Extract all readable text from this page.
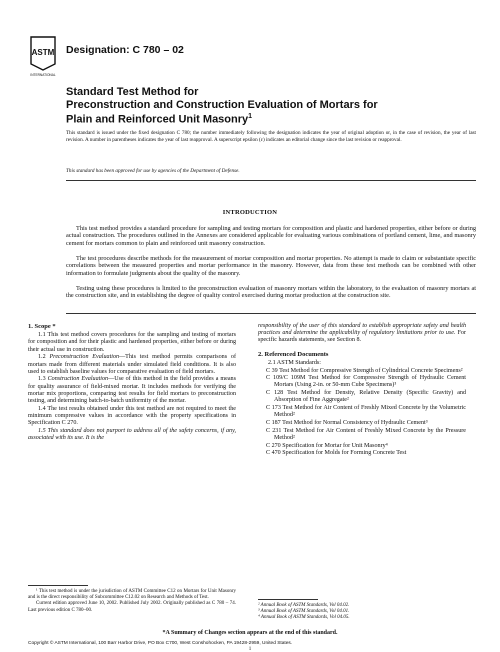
ASTM
INTERNATIONAL
Designation: C 780 – 02
Standard Test Method for
Preconstruction and Construction Evaluation of Mortars for
Plain and Reinforced Unit Masonry$^1$
This standard is issued under the fixed designation C 780; the number immediately following the designation indicates the year of original adoption or, in the case of revision, the year of last revision. A number in parentheses indicates the year of last reapproval. A superscript epsilon (ε) indicates an editorial change since the last revision or reapproval.
This standard has been approved for use by agencies of the Department of Defense.
INTRODUCTION

This test method provides a standard procedure for sampling and testing mortars for composition and plastic and hardened properties, either before or during actual construction. The procedures outlined in the Annexes are considered applicable for evaluating various combinations of portland cement, lime, and masonry cement for mortars common to plain and reinforced unit masonry construction.

The test procedures describe methods for the measurement of mortar composition and mortar properties. No attempt is made to claim or substantiate specific correlations between the measured properties and mortar performance in the masonry. However, data from these test methods can be combined with other information to formulate judgments about the quality of the masonry.

Testing using these procedures is limited to the preconstruction evaluation of masonry mortars within the laboratory, to the evaluation of masonry mortars at the construction site, and in establishing the degree of quality control exercised during mortar production at the construction site.

1. Scope *

1.1 This test method covers procedures for the sampling and testing of mortars for composition and for their plastic and hardened properties, either before or during their actual use in construction.

1.2 Preconstruction Evaluation—This test method permits comparisons of mortars made from different materials under simulated field conditions. It is also used to establish baseline values for comparative evaluation of field mortars.

1.3 Construction Evaluation—Use of this method in the field provides a means for quality assurance of field-mixed mortar. It includes methods for verifying the mortar mix proportions, comparing test results for field mortars to preconstruction testing, and determining batch-to-batch uniformity of the mortar.

1.4 The test results obtained under this test method are not required to meet the minimum compressive values in accordance with the property specifications in Specification C 270.

1.5 This standard does not purport to address all of the safety concerns, if any, associated with its use. It is the

responsibility of the user of this standard to establish appropriate safety and health practices and determine the applicability of regulatory limitations prior to use. For specific hazards statements, see Section 8.

2. Referenced Documents

2.1 ASTM Standards:

C 39 Test Method for Compressive Strength of Cylindrical Concrete Specimens²

C 109/C 109M Test Method for Compressive Strength of Hydraulic Cement Mortars (Using 2-in. or 50-mm Cube Specimens)³

C 128 Test Method for Density, Relative Density (Specific Gravity) and Absorption of Fine Aggregate²

C 173 Test Method for Air Content of Freshly Mixed Concrete by the Volumetric Method²

C 187 Test Method for Normal Consistency of Hydraulic Cement³

C 231 Test Method for Air Content of Freshly Mixed Concrete by the Pressure Method²

C 270 Specification for Mortar for Unit Masonry⁴

C 470 Specification for Molds for Forming Concrete Test

¹ This test method is under the jurisdiction of ASTM Committee C12 on Mortars for Unit Masonry and is the direct responsibility of Subcommittee C12.02 on Research and Methods of Test.

Current edition approved June 10, 2002. Published July 2002. Originally published as C 780 – 74. Last previous edition C 780–00.

² Annual Book of ASTM Standards, Vol 04.02.

³ Annual Book of ASTM Standards, Vol 04.01.

⁴ Annual Book of ASTM Standards, Vol 04.05.

*A Summary of Changes section appears at the end of this standard.
Copyright © ASTM International, 100 Barr Harbor Drive, PO Box C700, West Conshohocken, PA 19428-2959, United States.
1
